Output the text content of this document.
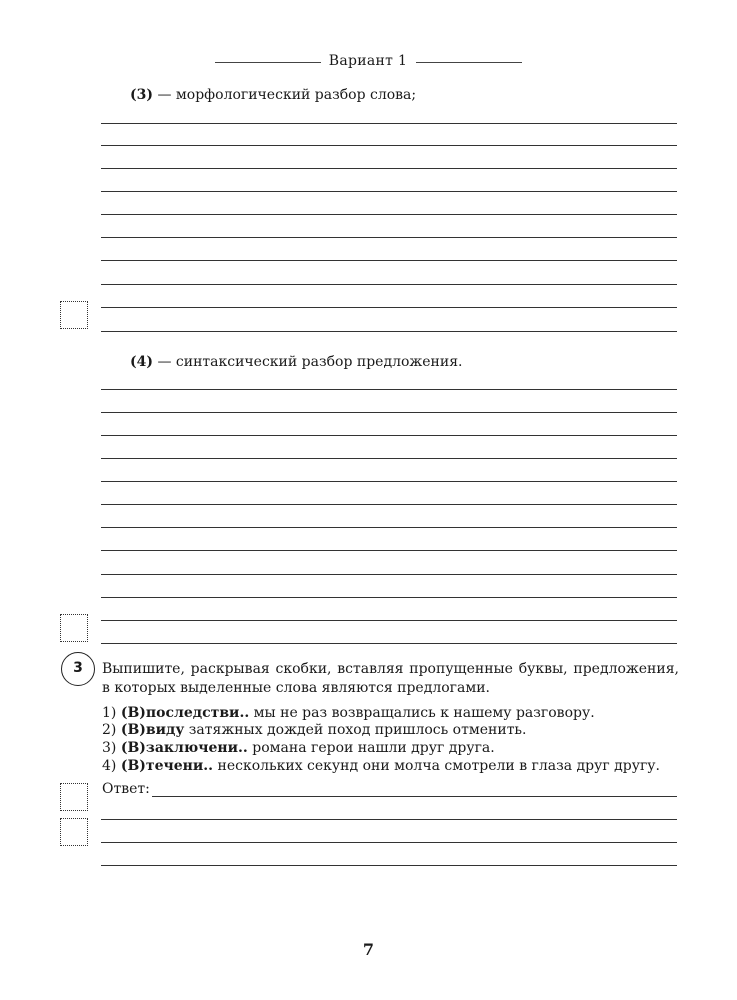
Вариант 1
(3) — морфологический разбор слова;
(4) — синтаксический разбор предложения.
3	Выпишите, раскрывая скобки, вставляя пропущенные буквы, предложения, в которых выделенные слова являются предлогами.
1) (В)последстви.. мы не раз возвращались к нашему разговору.
2) (В)виду затяжных дождей поход пришлось отменить.
3) (В)заключени.. романа герои нашли друг друга.
4) (В)течени.. нескольких секунд они молча смотрели в глаза друг другу.
Ответ:
7
